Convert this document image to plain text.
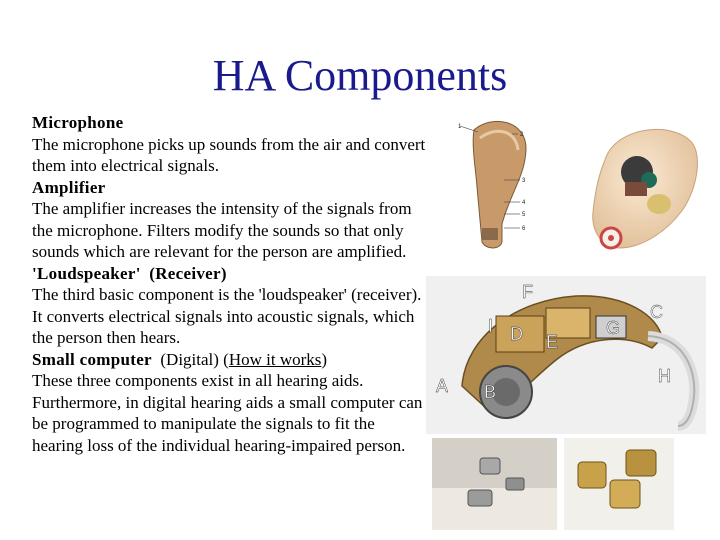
HA Components
Microphone
The microphone picks up sounds from the air and convert them into electrical signals.
Amplifier
The amplifier increases the intensity of the signals from the microphone. Filters modify the sounds so that only sounds which are relevant for the person are amplified.
'Loudspeaker' (Receiver)
The third basic component is the 'loudspeaker' (receiver). It converts electrical signals into acoustic signals, which the person then hears.
Small computer (Digital) (How it works)
These three components exist in all hearing aids. Furthermore, in digital hearing aids a small computer can be programmed to manipulate the signals to fit the hearing loss of the individual hearing-impaired person.
1
2
3
4
5
6
F
C
I D E
G
A B
H
